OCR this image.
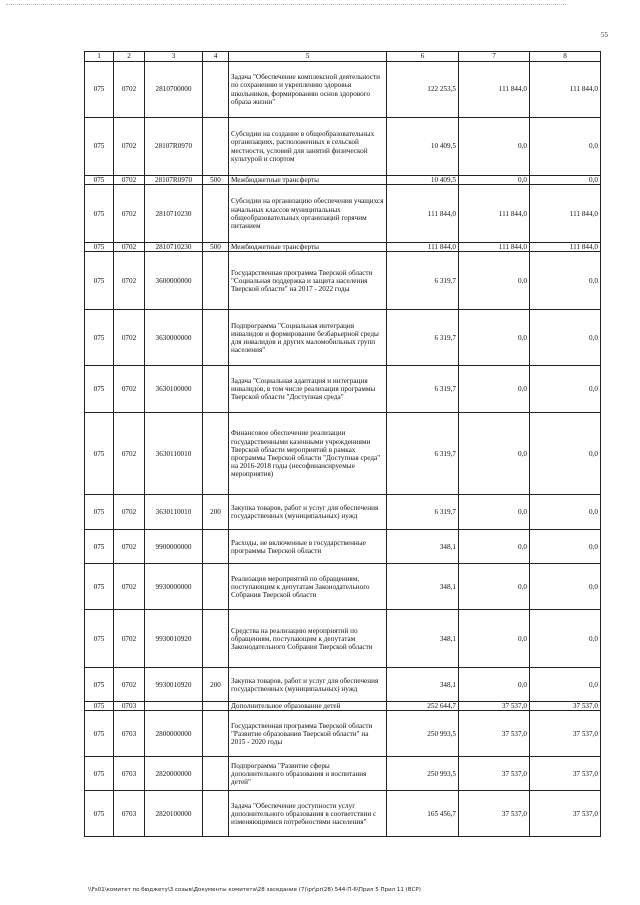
55
1	2	3	4	5	6	7	8
075	0702	2810700000		Задача "Обеспечение комплексной деятельности по сохранению и укреплению здоровья школьников, формированию основ здорового образа жизни"	122 253,5	111 844,0	111 844,0
075	0702	28107R0970		Субсидии на создание в общеобразовательных организациях, расположенных в сельской местности, условий для занятий физической культурой и спортом	10 409,5	0,0	0,0
075	0702	28107R0970	500	Межбюджетные трансферты	10 409,5	0,0	0,0
075	0702	2810710230		Субсидии на организацию обеспечения учащихся начальных классов муниципальных общеобразовательных организаций горячим питанием	111 844,0	111 844,0	111 844,0
075	0702	2810710230	500	Межбюджетные трансферты	111 844,0	111 844,0	111 844,0
075	0702	3600000000		Государственная программа Тверской области "Социальная поддержка и защита населения Тверской области" на 2017 - 2022 годы	6 319,7	0,0	0,0
075	0702	3630000000		Подпрограмма "Социальная интеграция инвалидов и формирование безбарьерной среды для инвалидов и других маломобильных групп населения"	6 319,7	0,0	0,0
075	0702	3630100000		Задача "Социальная адаптация и интеграция инвалидов, в том числе реализация программы Тверской области "Доступная среда"	6 319,7	0,0	0,0
075	0702	3630110010		Финансовое обеспечение реализации государственными казенными учреждениями Тверской области мероприятий в рамках программы Тверской области "Доступная среда" на 2016-2018 годы (несофинансируемые мероприятия)	6 319,7	0,0	0,0
075	0702	3630110010	200	Закупка товаров, работ и услуг для обеспечения государственных (муниципальных) нужд	6 319,7	0,0	0,0
075	0702	9900000000		Расходы, не включенные в государственные программы Тверской области	348,1	0,0	0,0
075	0702	9930000000		Реализация мероприятий по обращениям, поступающим к депутатам Законодательного Собрания Тверской области	348,1	0,0	0,0
075	0702	9930010920		Средства на реализацию мероприятий по обращениям, поступающим к депутатам Законодательного Собрания Тверской области	348,1	0,0	0,0
075	0702	9930010920	200	Закупка товаров, работ и услуг для обеспечения государственных (муниципальных) нужд	348,1	0,0	0,0
075	0703			Дополнительное образование детей	252 644,7	37 537,0	37 537,0
075	0703	2800000000		Государственная программа Тверской области "Развитие образования Тверской области" на 2015 - 2020 годы	250 993,5	37 537,0	37 537,0
075	0703	2820000000		Подпрограмма "Развитие сферы дополнительного образования и воспитания детей"	250 993,5	37 537,0	37 537,0
075	0703	2820100000		Задача "Обеспечение доступности услуг дополнительного образования в соответствии с изменяющимися потребностями населения"	165 456,7	37 537,0	37 537,0
\\Fs01\комитет по бюджету\3 созыв\Документы комитета\28 заседание (7)\pr\pr(28) 544-П-6\Прил 5 Прил 11 (ВСР)
